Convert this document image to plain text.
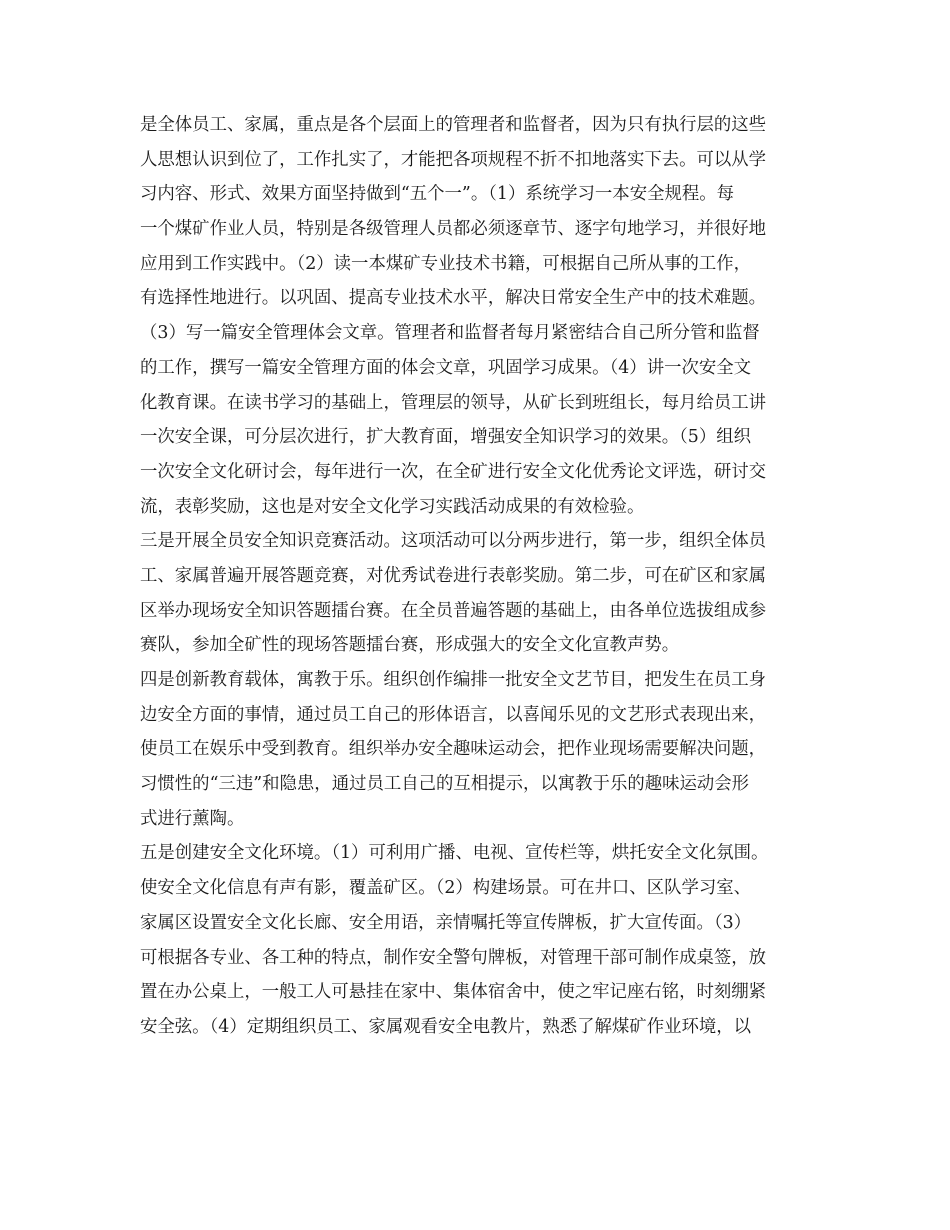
是全体员工、家属，重点是各个层面上的管理者和监督者，因为只有执行层的这些
人思想认识到位了，工作扎实了，才能把各项规程不折不扣地落实下去。可以从学
习内容、形式、效果方面坚持做到“五个一”。（1）系统学习一本安全规程。每
一个煤矿作业人员，特别是各级管理人员都必须逐章节、逐字句地学习，并很好地
应用到工作实践中。（2）读一本煤矿专业技术书籍，可根据自己所从事的工作，
有选择性地进行。以巩固、提高专业技术水平，解决日常安全生产中的技术难题。
（3）写一篇安全管理体会文章。管理者和监督者每月紧密结合自己所分管和监督
的工作，撰写一篇安全管理方面的体会文章，巩固学习成果。（4）讲一次安全文
化教育课。在读书学习的基础上，管理层的领导，从矿长到班组长，每月给员工讲
一次安全课，可分层次进行，扩大教育面，增强安全知识学习的效果。（5）组织
一次安全文化研讨会，每年进行一次，在全矿进行安全文化优秀论文评选，研讨交
流，表彰奖励，这也是对安全文化学习实践活动成果的有效检验。
三是开展全员安全知识竞赛活动。这项活动可以分两步进行，第一步，组织全体员
工、家属普遍开展答题竞赛，对优秀试卷进行表彰奖励。第二步，可在矿区和家属
区举办现场安全知识答题擂台赛。在全员普遍答题的基础上，由各单位选拔组成参
赛队，参加全矿性的现场答题擂台赛，形成强大的安全文化宣教声势。
四是创新教育载体，寓教于乐。组织创作编排一批安全文艺节目，把发生在员工身
边安全方面的事情，通过员工自己的形体语言，以喜闻乐见的文艺形式表现出来，
使员工在娱乐中受到教育。组织举办安全趣味运动会，把作业现场需要解决问题，
习惯性的“三违”和隐患，通过员工自己的互相提示，以寓教于乐的趣味运动会形
式进行薰陶。
五是创建安全文化环境。（1）可利用广播、电视、宣传栏等，烘托安全文化氛围。
使安全文化信息有声有影，覆盖矿区。（2）构建场景。可在井口、区队学习室、
家属区设置安全文化长廊、安全用语，亲情嘱托等宣传牌板，扩大宣传面。（3）
可根据各专业、各工种的特点，制作安全警句牌板，对管理干部可制作成桌签，放
置在办公桌上，一般工人可悬挂在家中、集体宿舍中，使之牢记座右铭，时刻绷紧
安全弦。（4）定期组织员工、家属观看安全电教片，熟悉了解煤矿作业环境，以
